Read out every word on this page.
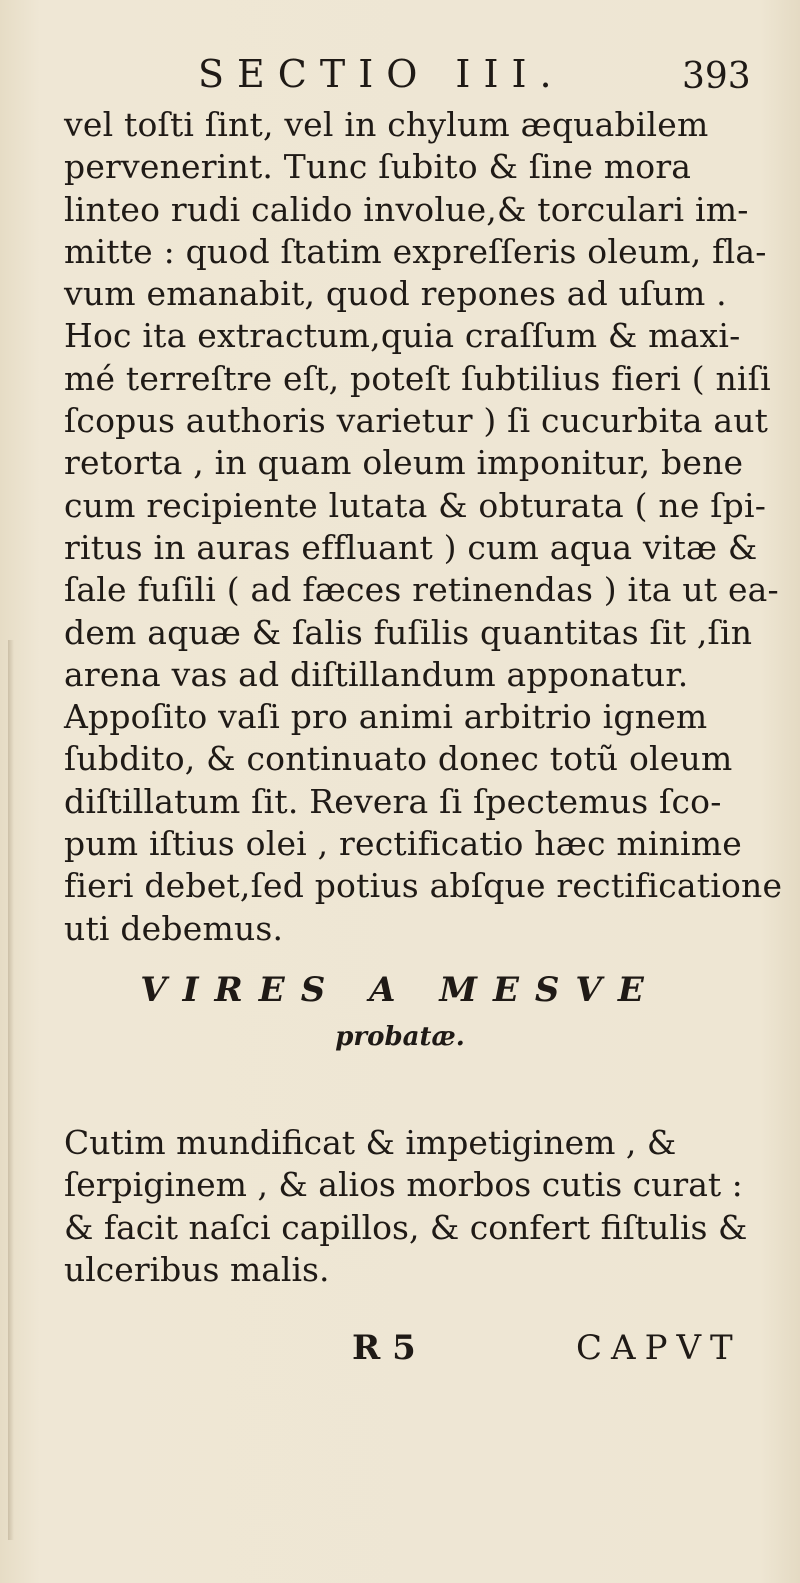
SECTIO III.	393
vel toſti ſint, vel in chylum æquabilem
pervenerint. Tunc ſubito & ſine mora
linteo rudi calido involue,& torculari im-
mitte : quod ſtatim expreſſeris oleum, fla-
vum emanabit, quod repones ad uſum .
Hoc ita extractum,quia craſſum & maxi-
mé terreſtre eſt, poteſt ſubtilius fieri ( niſi
ſcopus authoris varietur ) ſi cucurbita aut
retorta , in quam oleum imponitur, bene
cum recipiente lutata & obturata ( ne ſpi-
ritus in auras effluant ) cum aqua vitæ &
ſale fuſili ( ad fæces retinendas ) ita ut ea-
dem aquæ & ſalis fuſilis quantitas ſit ,ſin
arena vas ad diſtillandum apponatur.
Appoſito vaſi pro animi arbitrio ignem
ſubdito, & continuato donec totũ oleum
diſtillatum ſit. Revera ſi ſpectemus ſco-
pum iſtius olei , rectificatio hæc minime
fieri debet,ſed potius abſque rectificatione
uti debemus.
VIRES A MESVE
probatæ.
Cutim mundificat & impetiginem , &
ſerpiginem , & alios morbos cutis curat :
& facit naſci capillos, & confert fiſtulis &
ulceribus malis.
R 5	CAPVT
